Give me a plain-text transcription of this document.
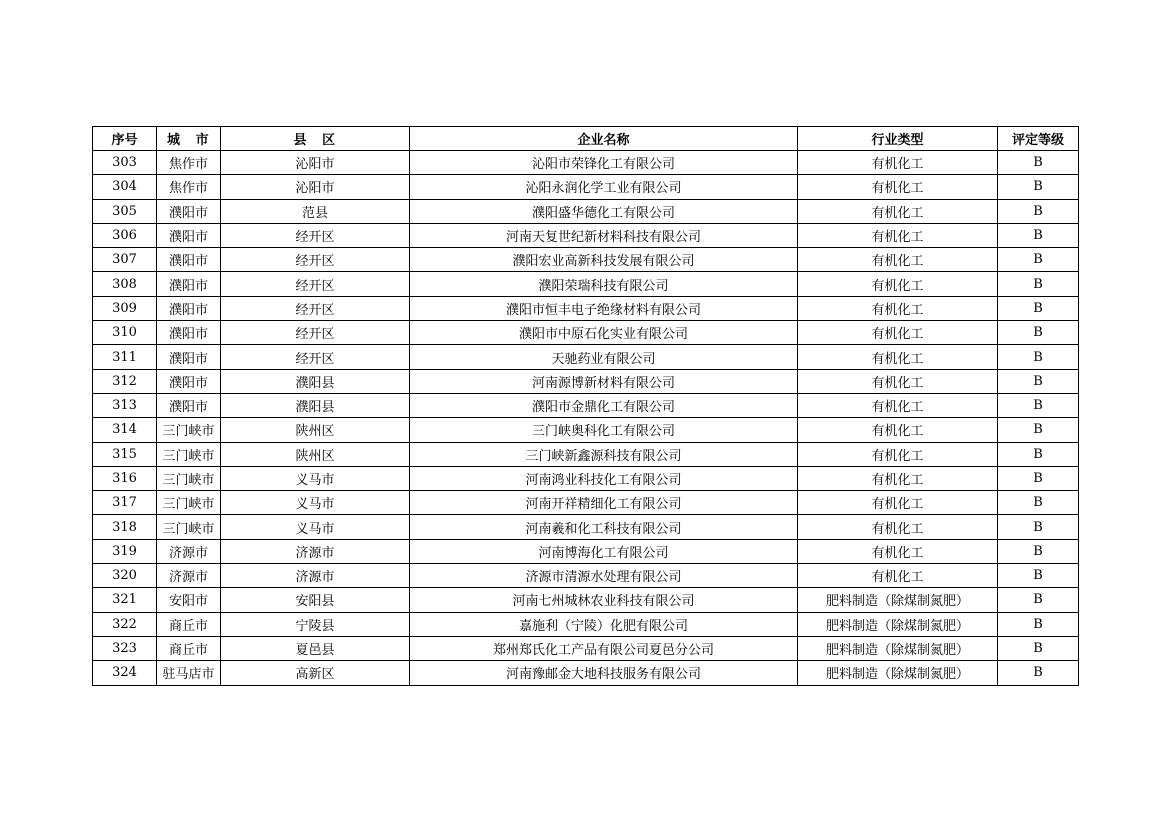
序号	城　市	县　区	企业名称	行业类型	评定等级
303	焦作市	沁阳市	沁阳市荣锋化工有限公司	有机化工	B
304	焦作市	沁阳市	沁阳永润化学工业有限公司	有机化工	B
305	濮阳市	范县	濮阳盛华德化工有限公司	有机化工	B
306	濮阳市	经开区	河南天复世纪新材料科技有限公司	有机化工	B
307	濮阳市	经开区	濮阳宏业高新科技发展有限公司	有机化工	B
308	濮阳市	经开区	濮阳荣瑞科技有限公司	有机化工	B
309	濮阳市	经开区	濮阳市恒丰电子绝缘材料有限公司	有机化工	B
310	濮阳市	经开区	濮阳市中原石化实业有限公司	有机化工	B
311	濮阳市	经开区	天驰药业有限公司	有机化工	B
312	濮阳市	濮阳县	河南源博新材料有限公司	有机化工	B
313	濮阳市	濮阳县	濮阳市金鼎化工有限公司	有机化工	B
314	三门峡市	陕州区	三门峡奥科化工有限公司	有机化工	B
315	三门峡市	陕州区	三门峡新鑫源科技有限公司	有机化工	B
316	三门峡市	义马市	河南鸿业科技化工有限公司	有机化工	B
317	三门峡市	义马市	河南开祥精细化工有限公司	有机化工	B
318	三门峡市	义马市	河南羲和化工科技有限公司	有机化工	B
319	济源市	济源市	河南博海化工有限公司	有机化工	B
320	济源市	济源市	济源市清源水处理有限公司	有机化工	B
321	安阳市	安阳县	河南七州城林农业科技有限公司	肥料制造（除煤制氮肥）	B
322	商丘市	宁陵县	嘉施利（宁陵）化肥有限公司	肥料制造（除煤制氮肥）	B
323	商丘市	夏邑县	郑州郑氏化工产品有限公司夏邑分公司	肥料制造（除煤制氮肥）	B
324	驻马店市	高新区	河南豫邮金大地科技服务有限公司	肥料制造（除煤制氮肥）	B
